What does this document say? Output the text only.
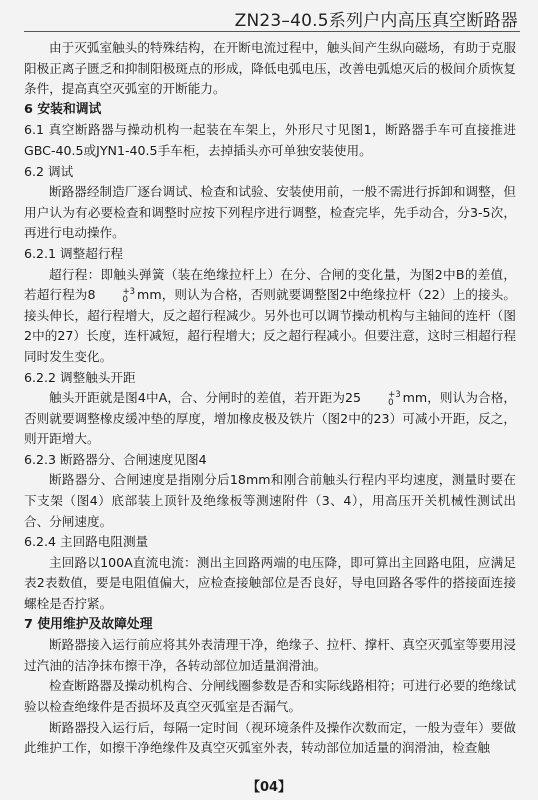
ZN23–40.5系列户内高压真空断路器

由于灭弧室触头的特殊结构，在开断电流过程中，触头间产生纵向磁场，有助于克服阳极正离子匮乏和抑制阳极斑点的形成，降低电弧电压，改善电弧熄灭后的极间介质恢复条件，提高真空灭弧室的开断能力。

6 安装和调试

6.1 真空断路器与操动机构一起装在车架上，外形尺寸见图1，断路器手车可直接推进GBC-40.5或JYN1-40.5手车柜，去掉插头亦可单独安装使用。

6.2 调试

断路器经制造厂逐台调试、检查和试验、安装使用前，一般不需进行拆卸和调整，但用户认为有必要检查和调整时应按下列程序进行调整，检查完毕，先手动合，分3-5次，再进行电动操作。

6.2.1 调整超行程

超行程：即触头弹簧（装在绝缘拉杆上）在分、合闸的变化量，为图2中B的差值，若超行程为8	+3
0 mm，则认为合格，否则就要调整图2中绝缘拉杆（22）上的接头。接头伸长，超行程增大，反之超行程减少。另外也可以调节操动机构与主轴间的连杆（图2中的27）长度，连杆减短，超行程增大；反之超行程减小。但要注意，这时三相超行程同时发生变化。

6.2.2 调整触头开距

触头开距就是图4中A，合、分闸时的差值，若开距为25	+3
0 mm，则认为合格，否则就要调整橡皮缓冲垫的厚度，增加橡皮极及铁片（图2中的23）可减小开距，反之，则开距增大。

6.2.3 断路器分、合闸速度见图4

断路器分、合闸速度是指刚分后18mm和刚合前触头行程内平均速度，测量时要在下支架（图4）底部装上顶针及绝缘板等测速附件（3、4），用高压开关机械性测试出合、分闸速度。

6.2.4 主回路电阻测量

主回路以100A直流电流：测出主回路两端的电压降，即可算出主回路电阻，应满足表2表数值，要是电阻值偏大，应检查接触部位是否良好，导电回路各零件的搭接面连接螺栓是否拧紧。

7 使用维护及故障处理

断路器接入运行前应将其外表清理干净，绝缘子、拉杆、撑杆、真空灭弧室等要用浸过汽油的洁净抹布擦干净，各转动部位加适量润滑油。

检查断路器及操动机构合、分闸线圈参数是否和实际线路相符；可进行必要的绝缘试验以检查绝缘件是否损坏及真空灭弧室是否漏气。

断路器投入运行后，每隔一定时间（视环境条件及操作次数而定，一般为壹年）要做此维护工作，如擦干净绝缘件及真空灭弧室外表，转动部位加适量的润滑油，检查触

【04】
